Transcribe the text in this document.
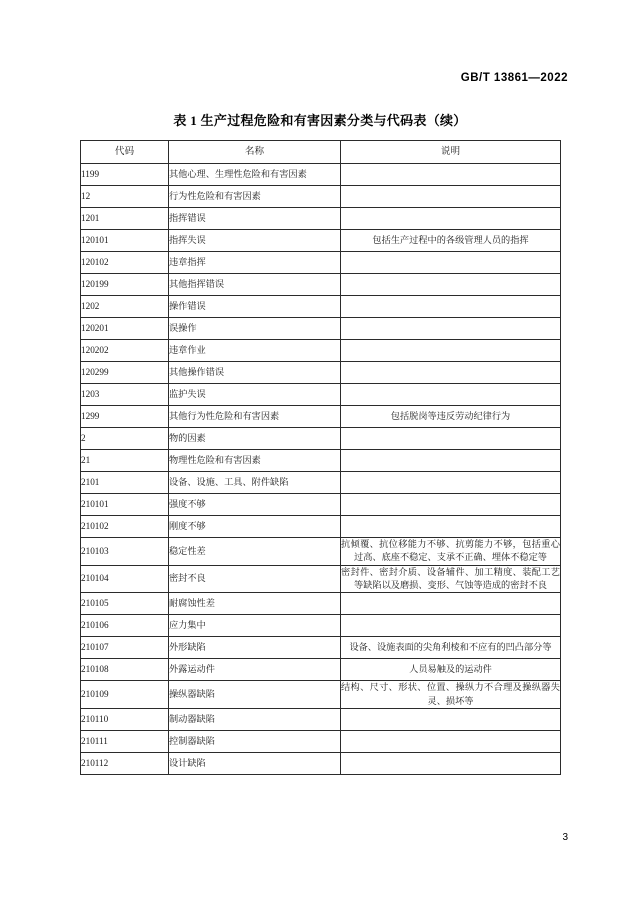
GB/T 13861—2022
表 1 生产过程危险和有害因素分类与代码表（续）
代码	名称	说明
1199	其他心理、生理性危险和有害因素	
12	行为性危险和有害因素	
1201	指挥错误	
120101	指挥失误	包括生产过程中的各级管理人员的指挥
120102	违章指挥	
120199	其他指挥错误	
1202	操作错误	
120201	误操作	
120202	违章作业	
120299	其他操作错误	
1203	监护失误	
1299	其他行为性危险和有害因素	包括脱岗等违反劳动纪律行为
2	物的因素	
21	物理性危险和有害因素	
2101	设备、设施、工具、附件缺陷	
210101	强度不够	
210102	刚度不够	
210103	稳定性差	抗倾覆、抗位移能力不够、抗剪能力不够，包括重心过高、底座不稳定、支承不正确、埋体不稳定等
210104	密封不良	密封件、密封介质、设备辅件、加工精度、装配工艺等缺陷以及磨损、变形、气蚀等造成的密封不良
210105	耐腐蚀性差	
210106	应力集中	
210107	外形缺陷	设备、设施表面的尖角利棱和不应有的凹凸部分等
210108	外露运动件	人员易触及的运动件
210109	操纵器缺陷	结构、尺寸、形状、位置、操纵力不合理及操纵器失灵、损坏等
210110	制动器缺陷	
210111	控制器缺陷	
210112	设计缺陷	
3
